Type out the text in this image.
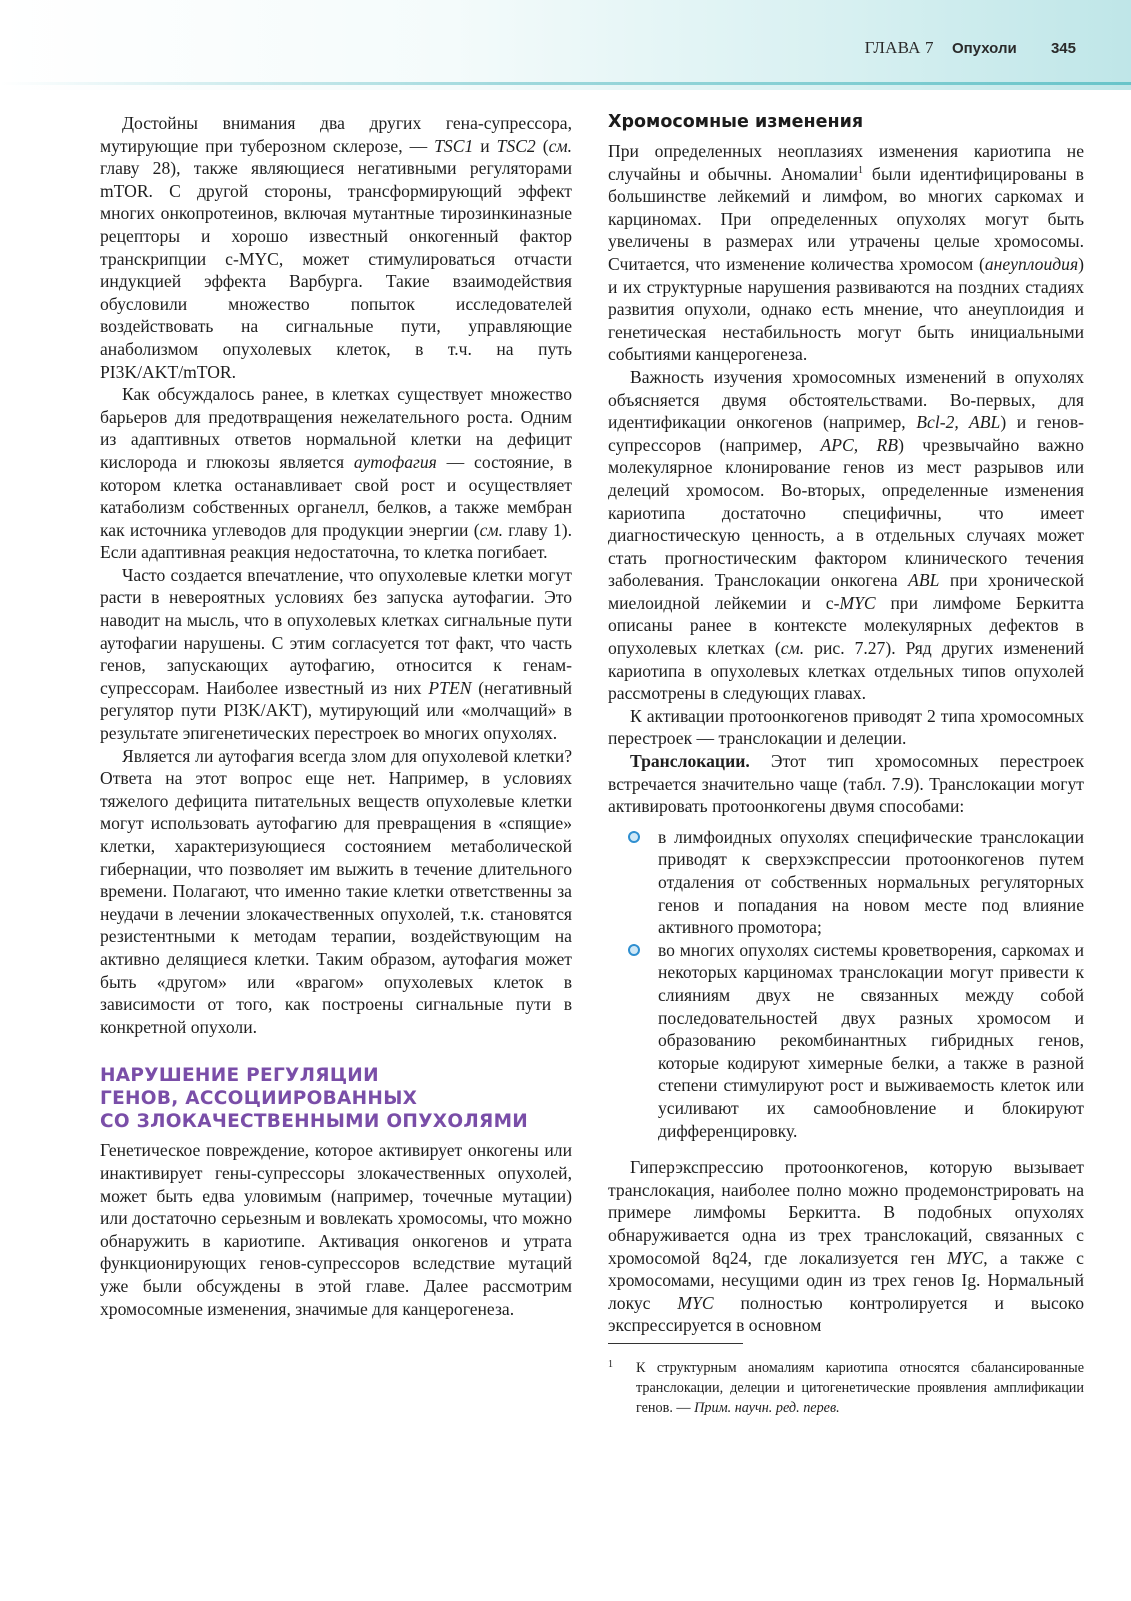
ГЛАВА 7 Опухоли 345

Достойны внимания два других гена-супрессора, мутирующие при туберозном склерозе, — TSC1 и TSC2 (см. главу 28), также являющиеся негативными регуляторами mTOR. С другой стороны, трансформирующий эффект многих онкопротеинов, включая мутантные тирозинкиназные рецепторы и хорошо известный онкогенный фактор транскрипции c-MYC, может стимулироваться отчасти индукцией эффекта Варбурга. Такие взаимодействия обусловили множество попыток исследователей воздействовать на сигнальные пути, управляющие анаболизмом опухолевых клеток, в т.ч. на путь PI3K/AKT/mTOR.

Как обсуждалось ранее, в клетках существует множество барьеров для предотвращения нежелательного роста. Одним из адаптивных ответов нормальной клетки на дефицит кислорода и глюкозы является аутофагия — состояние, в котором клетка останавливает свой рост и осуществляет катаболизм собственных органелл, белков, а также мембран как источника углеводов для продукции энергии (см. главу 1). Если адаптивная реакция недостаточна, то клетка погибает.

Часто создается впечатление, что опухолевые клетки могут расти в невероятных условиях без запуска аутофагии. Это наводит на мысль, что в опухолевых клетках сигнальные пути аутофагии нарушены. С этим согласуется тот факт, что часть генов, запускающих аутофагию, относится к генам-супрессорам. Наиболее известный из них PTEN (негативный регулятор пути PI3K/AKT), мутирующий или «молчащий» в результате эпигенетических перестроек во многих опухолях.

Является ли аутофагия всегда злом для опухолевой клетки? Ответа на этот вопрос еще нет. Например, в условиях тяжелого дефицита питательных веществ опухолевые клетки могут использовать аутофагию для превращения в «спящие» клетки, характеризующиеся состоянием метаболической гибернации, что позволяет им выжить в течение длительного времени. Полагают, что именно такие клетки ответственны за неудачи в лечении злокачественных опухолей, т.к. становятся резистентными к методам терапии, воздействующим на активно делящиеся клетки. Таким образом, аутофагия может быть «другом» или «врагом» опухолевых клеток в зависимости от того, как построены сигнальные пути в конкретной опухоли.

НАРУШЕНИЕ РЕГУЛЯЦИИ
ГЕНОВ, АССОЦИИРОВАННЫХ
СО ЗЛОКАЧЕСТВЕННЫМИ ОПУХОЛЯМИ

Генетическое повреждение, которое активирует онкогены или инактивирует гены-супрессоры злокачественных опухолей, может быть едва уловимым (например, точечные мутации) или достаточно серьезным и вовлекать хромосомы, что можно обнаружить в кариотипе. Активация онкогенов и утрата функционирующих генов-супрессоров вследствие мутаций уже были обсуждены в этой главе. Далее рассмотрим хромосомные изменения, значимые для канцерогенеза.

Хромосомные изменения

При определенных неоплазиях изменения кариотипа не случайны и обычны. Аномалии$^1$ были идентифицированы в большинстве лейкемий и лимфом, во многих саркомах и карциномах. При определенных опухолях могут быть увеличены в размерах или утрачены целые хромосомы. Считается, что изменение количества хромосом (анеуплоидия) и их структурные нарушения развиваются на поздних стадиях развития опухоли, однако есть мнение, что анеуплоидия и генетическая нестабильность могут быть инициальными событиями канцерогенеза.

Важность изучения хромосомных изменений в опухолях объясняется двумя обстоятельствами. Во-первых, для идентификации онкогенов (например, Bcl-2, ABL) и генов-супрессоров (например, APC, RB) чрезвычайно важно молекулярное клонирование генов из мест разрывов или делеций хромосом. Во-вторых, определенные изменения кариотипа достаточно специфичны, что имеет диагностическую ценность, а в отдельных случаях может стать прогностическим фактором клинического течения заболевания. Транслокации онкогена ABL при хронической миелоидной лейкемии и c-MYC при лимфоме Беркитта описаны ранее в контексте молекулярных дефектов в опухолевых клетках (см. рис. 7.27). Ряд других изменений кариотипа в опухолевых клетках отдельных типов опухолей рассмотрены в следующих главах.

К активации протоонкогенов приводят 2 типа хромосомных перестроек — транслокации и делеции.

Транслокации. Этот тип хромосомных перестроек встречается значительно чаще (табл. 7.9). Транслокации могут активировать протоонкогены двумя способами:

в лимфоидных опухолях специфические транслокации приводят к сверхэкспрессии протоонкогенов путем отдаления от собственных нормальных регуляторных генов и попадания на новом месте под влияние активного промотора;
во многих опухолях системы кроветворения, саркомах и некоторых карциномах транслокации могут привести к слияниям двух не связанных между собой последовательностей двух разных хромосом и образованию рекомбинантных гибридных генов, которые кодируют химерные белки, а также в разной степени стимулируют рост и выживаемость клеток или усиливают их самообновление и блокируют дифференцировку.

Гиперэкспрессию протоонкогенов, которую вызывает транслокация, наиболее полно можно продемонстрировать на примере лимфомы Беркитта. В подобных опухолях обнаруживается одна из трех транслокаций, связанных с хромосомой 8q24, где локализуется ген MYC, а также с хромосомами, несущими один из трех генов Ig. Нормальный локус MYC полностью контролируется и высоко экспрессируется в основном

1 К структурным аномалиям кариотипа относятся сбалансированные транслокации, делеции и цитогенетические проявления амплификации генов. — Прим. научн. ред. перев.
